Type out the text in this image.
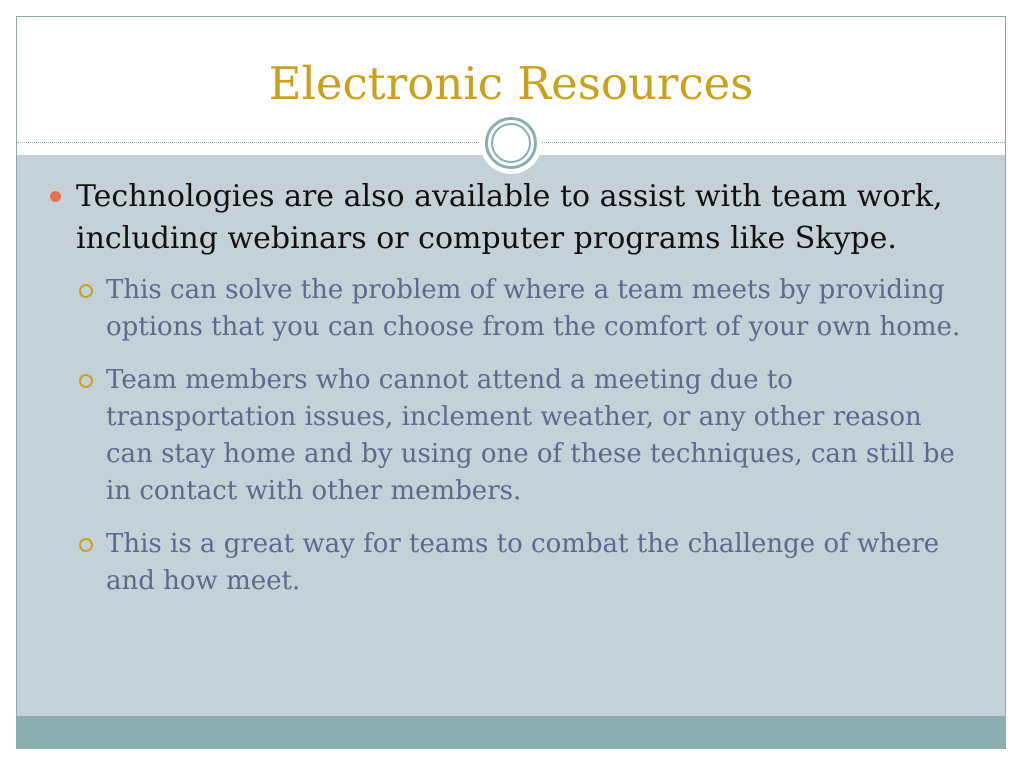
Electronic Resources
Technologies are also available to assist with team work, including webinars or computer programs like Skype.
This can solve the problem of where a team meets by providing options that you can choose from the comfort of your own home.
Team members who cannot attend a meeting due to transportation issues, inclement weather, or any other reason can stay home and by using one of these techniques, can still be in contact with other members.
This is a great way for teams to combat the challenge of where and how meet.
